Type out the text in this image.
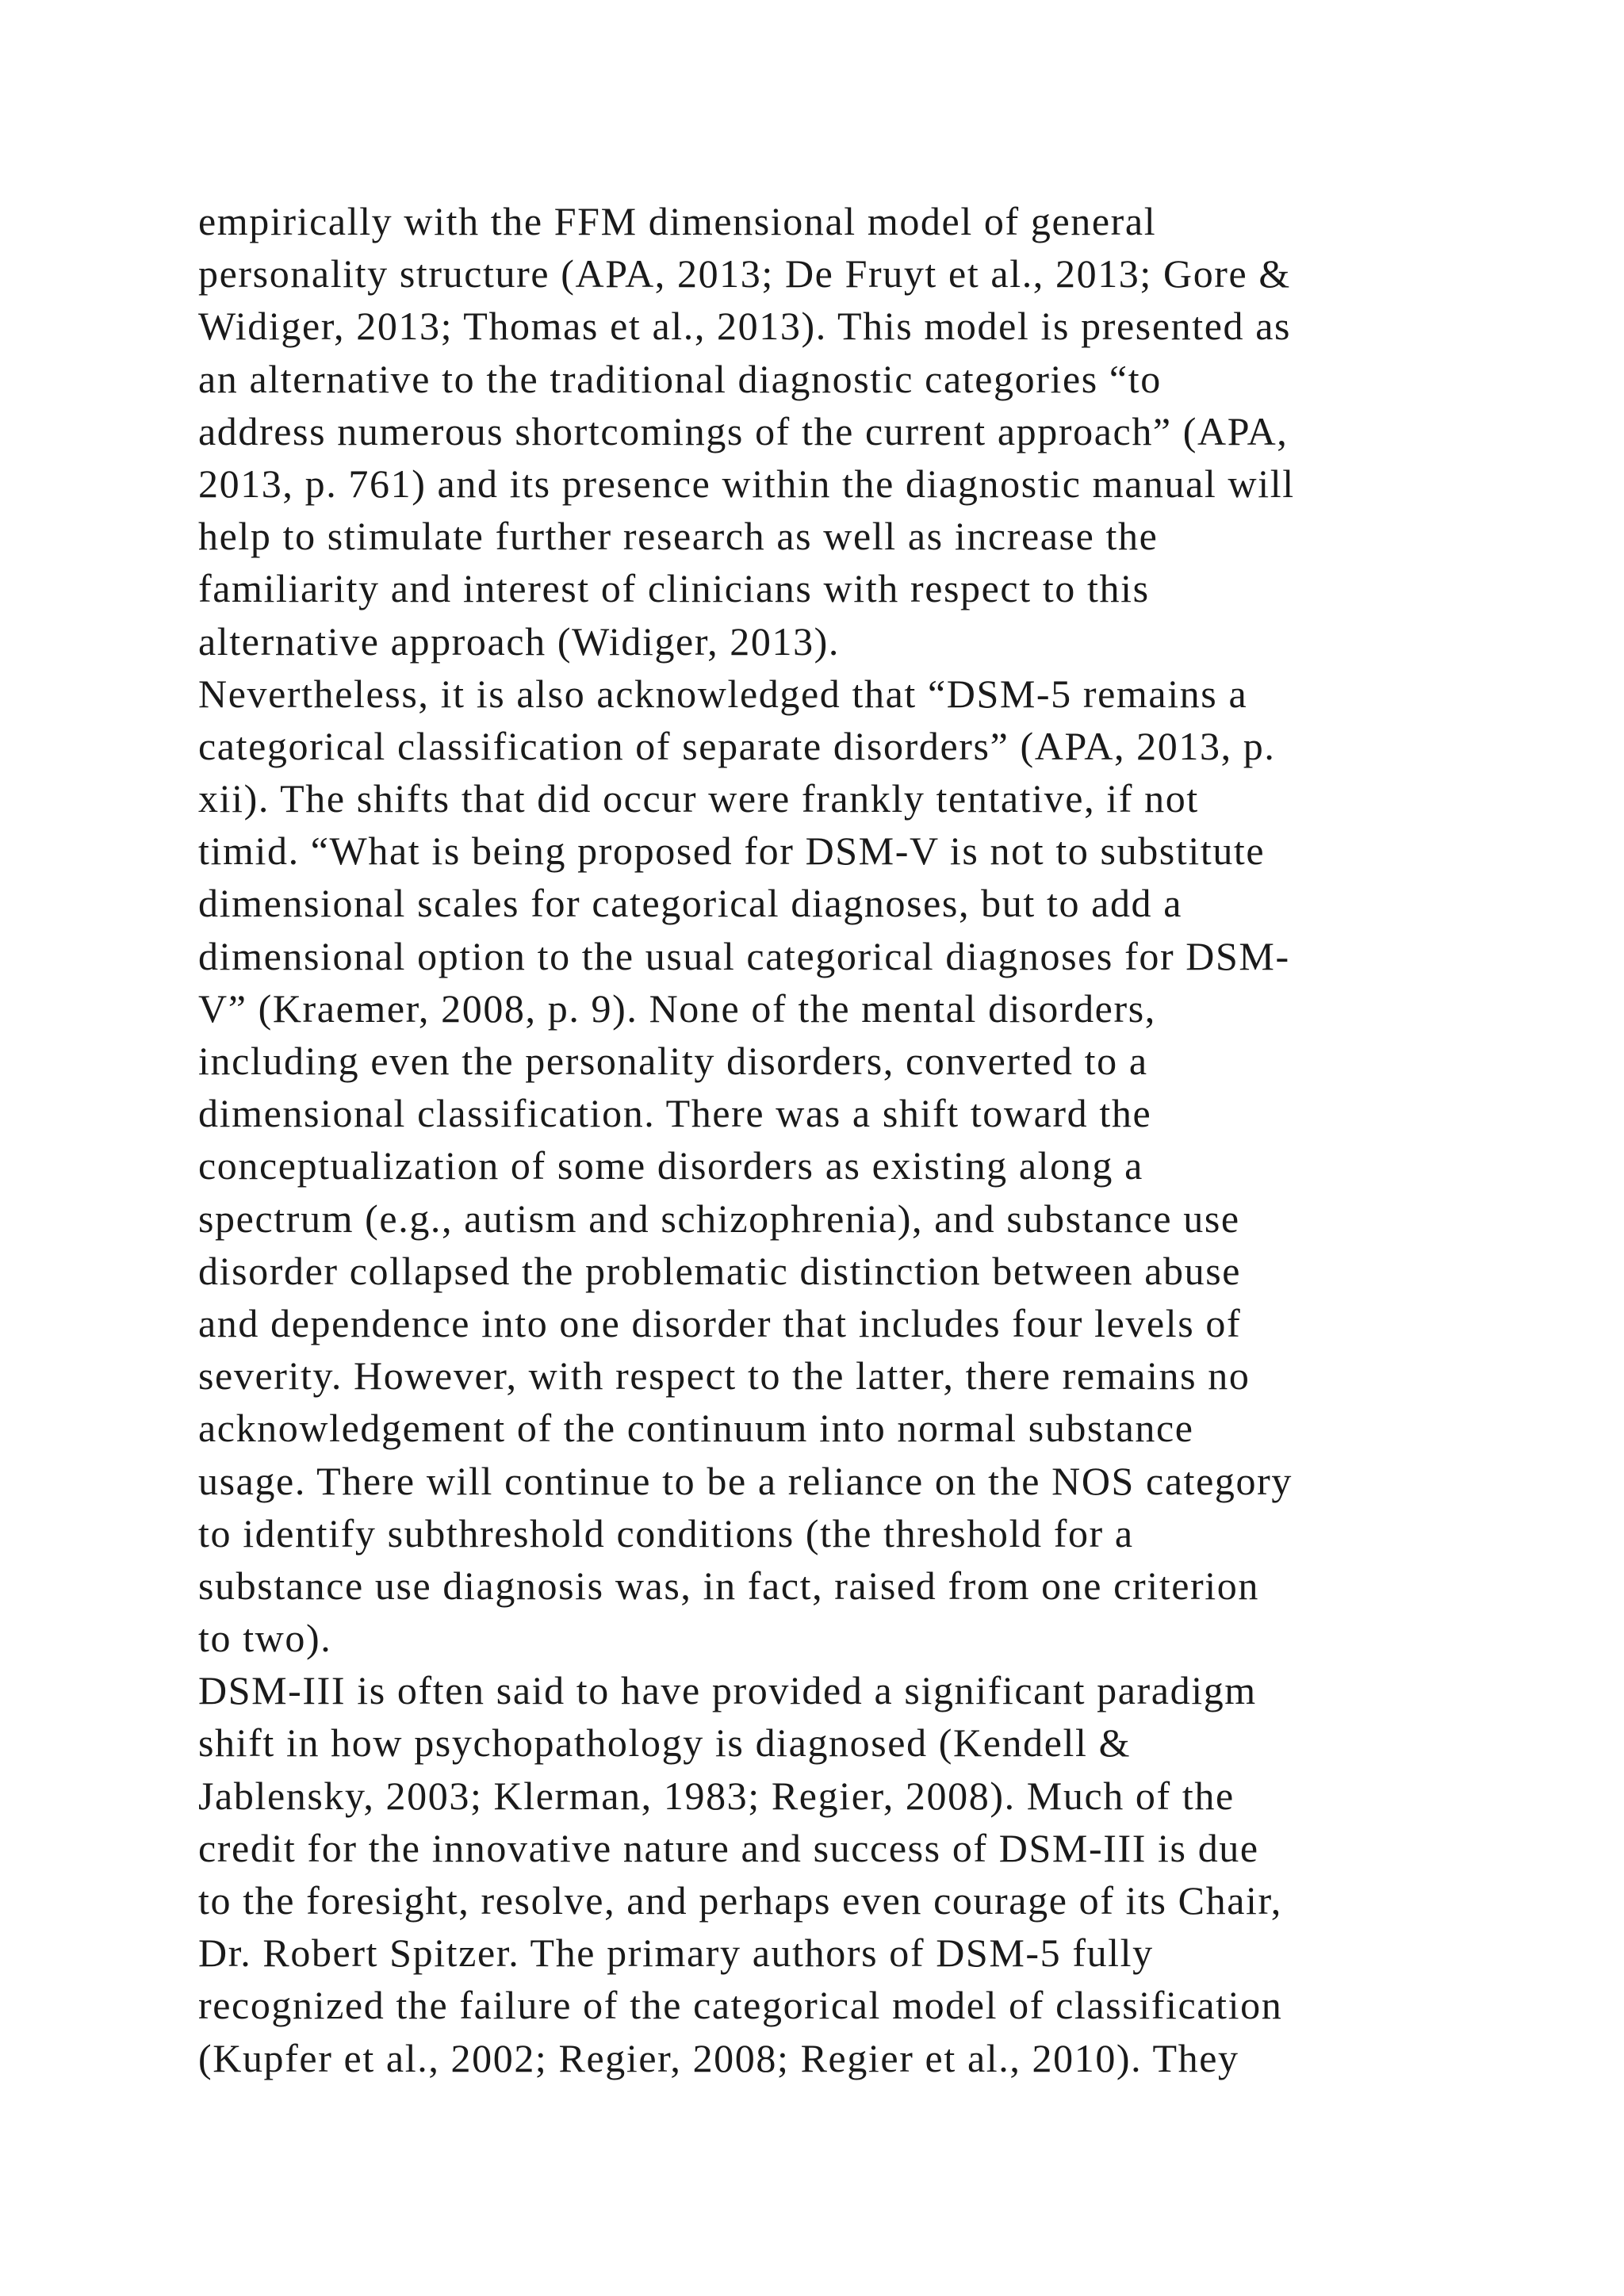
empirically with the FFM dimensional model of general
personality structure (APA, 2013; De Fruyt et al., 2013; Gore &
Widiger, 2013; Thomas et al., 2013). This model is presented as
an alternative to the traditional diagnostic categories “to
address numerous shortcomings of the current approach” (APA,
2013, p. 761) and its presence within the diagnostic manual will
help to stimulate further research as well as increase the
familiarity and interest of clinicians with respect to this
alternative approach (Widiger, 2013).
Nevertheless, it is also acknowledged that “DSM-5 remains a
categorical classification of separate disorders” (APA, 2013, p.
xii). The shifts that did occur were frankly tentative, if not
timid. “What is being proposed for DSM-V is not to substitute
dimensional scales for categorical diagnoses, but to add a
dimensional option to the usual categorical diagnoses for DSM-
V” (Kraemer, 2008, p. 9). None of the mental disorders,
including even the personality disorders, converted to a
dimensional classification. There was a shift toward the
conceptualization of some disorders as existing along a
spectrum (e.g., autism and schizophrenia), and substance use
disorder collapsed the problematic distinction between abuse
and dependence into one disorder that includes four levels of
severity. However, with respect to the latter, there remains no
acknowledgement of the continuum into normal substance
usage. There will continue to be a reliance on the NOS category
to identify subthreshold conditions (the threshold for a
substance use diagnosis was, in fact, raised from one criterion
to two).
DSM-III is often said to have provided a significant paradigm
shift in how psychopathology is diagnosed (Kendell &
Jablensky, 2003; Klerman, 1983; Regier, 2008). Much of the
credit for the innovative nature and success of DSM-III is due
to the foresight, resolve, and perhaps even courage of its Chair,
Dr. Robert Spitzer. The primary authors of DSM-5 fully
recognized the failure of the categorical model of classification
(Kupfer et al., 2002; Regier, 2008; Regier et al., 2010). They
